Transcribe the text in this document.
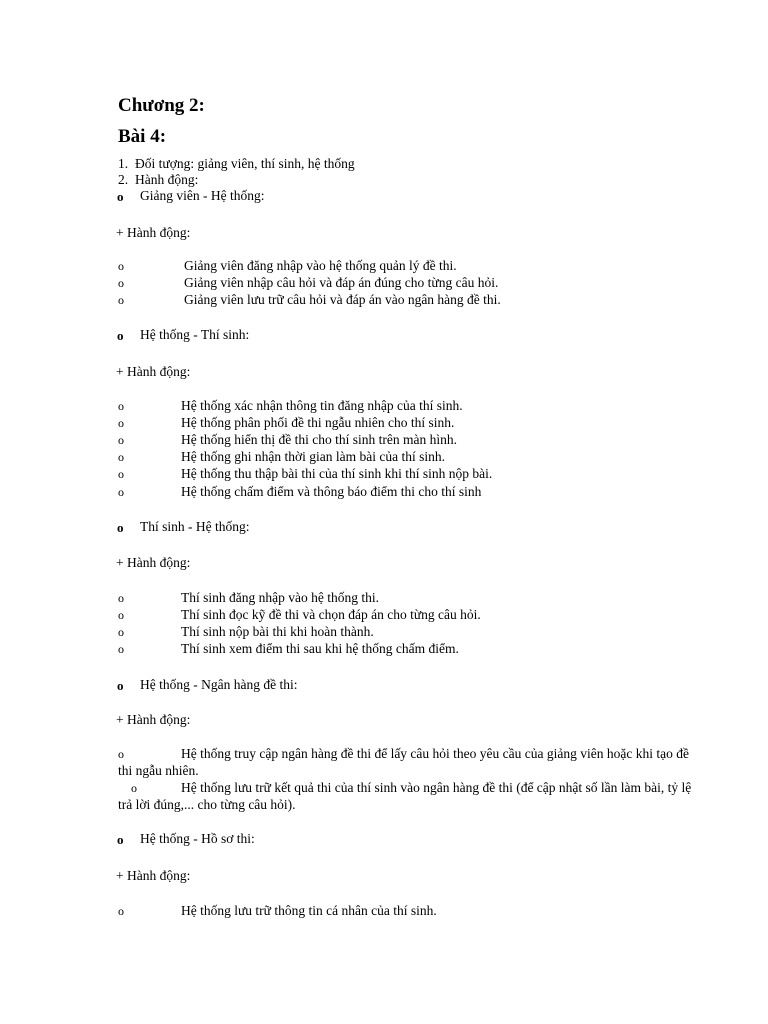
Chương 2:
Bài 4:
1. Đối tượng: giảng viên, thí sinh, hệ thống
2. Hành động:
o Giảng viên - Hệ thống:
+ Hành động:
o	Giảng viên đăng nhập vào hệ thống quản lý đề thi.
o	Giảng viên nhập câu hỏi và đáp án đúng cho từng câu hỏi.
o	Giảng viên lưu trữ câu hỏi và đáp án vào ngân hàng đề thi.
o Hệ thống - Thí sinh:
+ Hành động:
o	Hệ thống xác nhận thông tin đăng nhập của thí sinh.
o	Hệ thống phân phối đề thi ngẫu nhiên cho thí sinh.
o	Hệ thống hiển thị đề thi cho thí sinh trên màn hình.
o	Hệ thống ghi nhận thời gian làm bài của thí sinh.
o	Hệ thống thu thập bài thi của thí sinh khi thí sinh nộp bài.
o	Hệ thống chấm điểm và thông báo điểm thi cho thí sinh
o Thí sinh - Hệ thống:
+ Hành động:
o	Thí sinh đăng nhập vào hệ thống thi.
o	Thí sinh đọc kỹ đề thi và chọn đáp án cho từng câu hỏi.
o	Thí sinh nộp bài thi khi hoàn thành.
o	Thí sinh xem điểm thi sau khi hệ thống chấm điểm.
o Hệ thống - Ngân hàng đề thi:
+ Hành động:
o	Hệ thống truy cập ngân hàng đề thi để lấy câu hỏi theo yêu cầu của giảng viên hoặc khi tạo đề thi ngẫu nhiên.
o	Hệ thống lưu trữ kết quả thi của thí sinh vào ngân hàng đề thi (để cập nhật số lần làm bài, tỷ lệ trả lời đúng,... cho từng câu hỏi).
o Hệ thống - Hồ sơ thi:
+ Hành động:
o	Hệ thống lưu trữ thông tin cá nhân của thí sinh.
